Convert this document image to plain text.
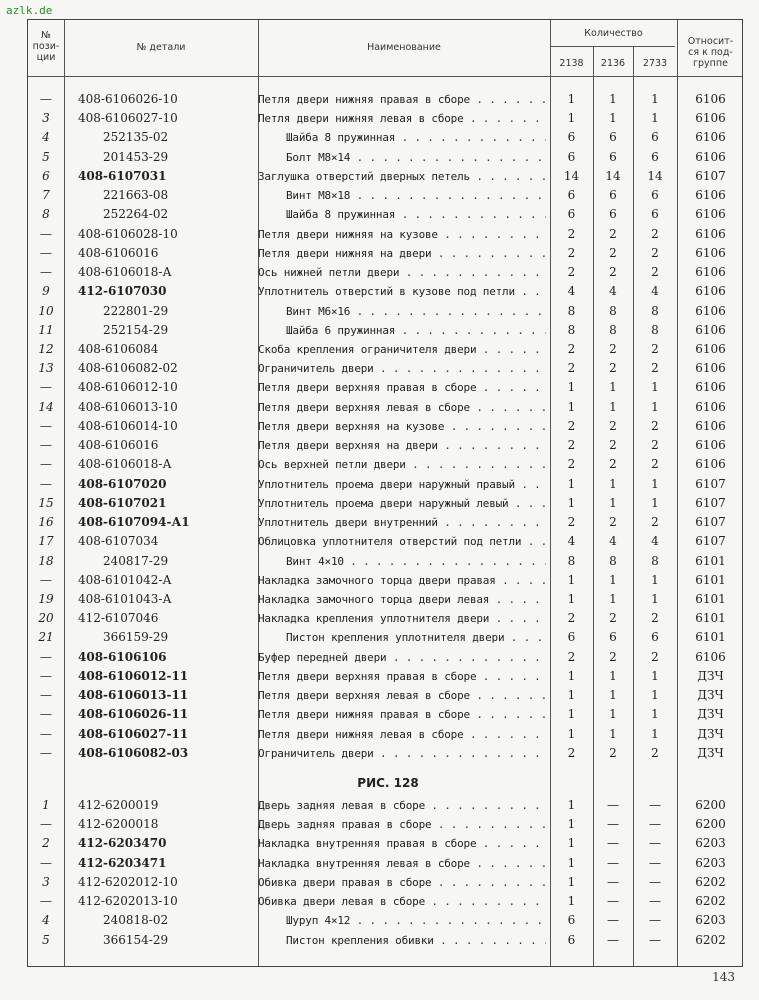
azlk.de
№
пози-
ции
№ детали	Наименование
Количество
2138	2136	2733
Относит-
ся к под-
группе
—	408-6106026-10	Петля двери нижняя правая в сборе . . .	1	1	1	6106
3	408-6106027-10	Петля двери нижняя левая в сборе . . .	1	1	1	6106
4	252135-02	Шайба 8 пружинная . . .	6	6	6	6106
5	201453-29	Болт М8×14 . . .	6	6	6	6106
6	408-6107031	Заглушка отверстий дверных петель . . .	14	14	14	6107
7	221663-08	Винт М8×18 . . .	6	6	6	6106
8	252264-02	Шайба 8 пружинная . . .	6	6	6	6106
—	408-6106028-10	Петля двери нижняя на кузове . . .	2	2	2	6106
—	408-6106016	Петля двери нижняя на двери . . .	2	2	2	6106
—	408-6106018-А	Ось нижней петли двери . . .	2	2	2	6106
9	412-6107030	Уплотнитель отверстий в кузове под петли . . .	4	4	4	6106
10	222801-29	Винт М6×16 . . .	8	8	8	6106
11	252154-29	Шайба 6 пружинная . . .	8	8	8	6106
12	408-6106084	Скоба крепления ограничителя двери . . .	2	2	2	6106
13	408-6106082-02	Ограничитель двери . . .	2	2	2	6106
—	408-6106012-10	Петля двери верхняя правая в сборе . . .	1	1	1	6106
14	408-6106013-10	Петля двери верхняя левая в сборе . . .	1	1	1	6106
—	408-6106014-10	Петля двери верхняя на кузове . . .	2	2	2	6106
—	408-6106016	Петля двери верхняя на двери . . .	2	2	2	6106
—	408-6106018-А	Ось верхней петли двери . . .	2	2	2	6106
—	408-6107020	Уплотнитель проема двери наружный правый . . .	1	1	1	6107
15	408-6107021	Уплотнитель проема двери наружный левый . . .	1	1	1	6107
16	408-6107094-А1	Уплотнитель двери внутренний . . .	2	2	2	6107
17	408-6107034	Облицовка уплотнителя отверстий под петли . . .	4	4	4	6107
18	240817-29	Винт 4×10 . . .	8	8	8	6101
—	408-6101042-А	Накладка замочного торца двери правая . . .	1	1	1	6101
19	408-6101043-А	Накладка замочного торца двери левая . . .	1	1	1	6101
20	412-6107046	Накладка крепления уплотнителя двери . . .	2	2	2	6101
21	366159-29	Пистон крепления уплотнителя двери . . .	6	6	6	6101
—	408-6106106	Буфер передней двери . . .	2	2	2	6106
—	408-6106012-11	Петля двери верхняя правая в сборе . . .	1	1	1	ДЗЧ
—	408-6106013-11	Петля двери верхняя левая в сборе . . .	1	1	1	ДЗЧ
—	408-6106026-11	Петля двери нижняя правая в сборе . . .	1	1	1	ДЗЧ
—	408-6106027-11	Петля двери нижняя левая в сборе . . .	1	1	1	ДЗЧ
—	408-6106082-03	Ограничитель двери . . .	2	2	2	ДЗЧ
РИС. 128
1	412-6200019	Дверь задняя левая в сборе . . .	1	—	—	6200
—	412-6200018	Дверь задняя правая в сборе . . .	1	—	—	6200
2	412-6203470	Накладка внутренняя правая в сборе . . .	1	—	—	6203
—	412-6203471	Накладка внутренняя левая в сборе . . .	1	—	—	6203
3	412-6202012-10	Обивка двери правая в сборе . . .	1	—	—	6202
—	412-6202013-10	Обивка двери левая в сборе . . .	1	—	—	6202
4	240818-02	Шуруп 4×12 . . .	6	—	—	6203
5	366154-29	Пистон крепления обивки . . .	6	—	—	6202
143
